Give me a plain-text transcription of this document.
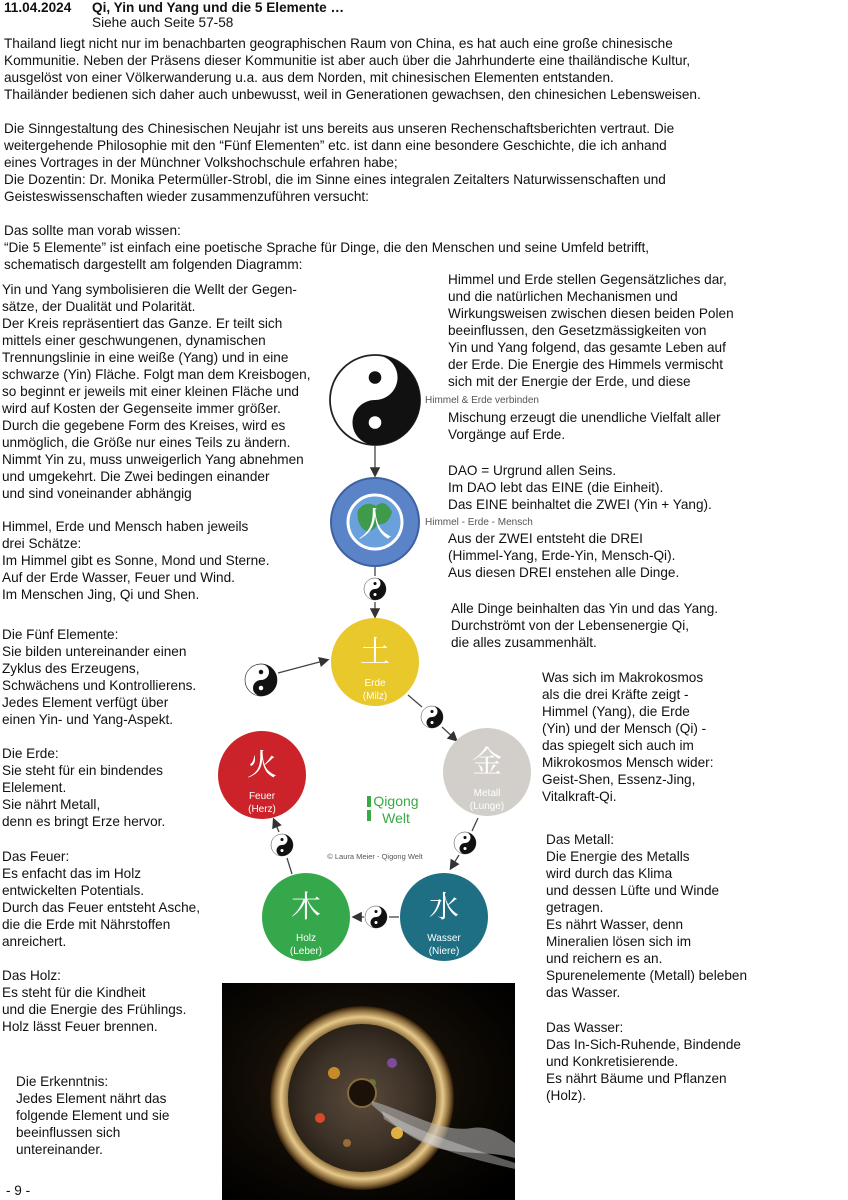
11.04.2024 Qi, Yin und Yang und die 5 Elemente …
Siehe auch Seite 57-58

Thailand liegt nicht nur im benachbarten geographischen Raum von China, es hat auch eine große chinesische
Kommunitie. Neben der Präsens dieser Kommunitie ist aber auch über die Jahrhunderte eine thailändische Kultur,
ausgelöst von einer Völkerwanderung u.a. aus dem Norden, mit chinesischen Elementen entstanden.
Thailänder bedienen sich daher auch unbewusst, weil in Generationen gewachsen, den chinesichen Lebensweisen.

Die Sinngestaltung des Chinesischen Neujahr ist uns bereits aus unseren Rechenschaftsberichten vertraut. Die
weitergehende Philosophie mit den “Fünf Elementen” etc. ist dann eine besondere Geschichte, die ich anhand
eines Vortrages in der Münchner Volkshochschule erfahren habe;
Die Dozentin: Dr. Monika Petermüller-Strobl, die im Sinne eines integralen Zeitalters Naturwissenschaften und
Geisteswissenschaften wieder zusammenzuführen versucht:

Das sollte man vorab wissen:
“Die 5 Elemente” ist einfach eine poetische Sprache für Dinge, die den Menschen und seine Umfeld betrifft,
schematisch dargestellt am folgenden Diagramm:

Yin und Yang symbolisieren die Wellt der Gegen-
sätze, der Dualität und Polarität.
Der Kreis repräsentiert das Ganze. Er teilt sich
mittels einer geschwungenen, dynamischen
Trennungslinie in eine weiße (Yang) und in eine
schwarze (Yin) Fläche. Folgt man dem Kreisbogen,
so beginnt er jeweils mit einer kleinen Fläche und
wird auf Kosten der Gegenseite immer größer.
Durch die gegebene Form des Kreises, wird es
unmöglich, die Größe nur eines Teils zu ändern.
Nimmt Yin zu, muss unweigerlich Yang abnehmen
und umgekehrt. Die Zwei bedingen einander
und sind voneinander abhängig

Himmel, Erde und Mensch haben jeweils
drei Schätze:
Im Himmel gibt es Sonne, Mond und Sterne.
Auf der Erde Wasser, Feuer und Wind.
Im Menschen Jing, Qi und Shen.

Die Fünf Elemente:
Sie bilden untereinander einen
Zyklus des Erzeugens,
Schwächens und Kontrollierens.
Jedes Element verfügt über
einen Yin- und Yang-Aspekt.

Die Erde:
Sie steht für ein bindendes
Elelement.
Sie nährt Metall,
denn es bringt Erze hervor.

Das Feuer:
Es enfacht das im Holz
entwickelten Potentials.
Durch das Feuer entsteht Asche,
die die Erde mit Nährstoffen
anreichert.

Das Holz:
Es steht für die Kindheit
und die Energie des Frühlings.
Holz lässt Feuer brennen.

Die Erkenntnis:
Jedes Element nährt das
folgende Element und sie
beeinflussen sich
untereinander.

Himmel und Erde stellen Gegensätzliches dar,
und die natürlichen Mechanismen und
Wirkungsweisen zwischen diesen beiden Polen
beeinflussen, den Gesetzmässigkeiten von
Yin und Yang folgend, das gesamte Leben auf
der Erde. Die Energie des Himmels vermischt
sich mit der Energie der Erde, und diese

Mischung erzeugt die unendliche Vielfalt aller
Vorgänge auf Erde.

DAO = Urgrund allen Seins.
Im DAO lebt das EINE (die Einheit).
Das EINE beinhaltet die ZWEI (Yin + Yang).

Aus der ZWEI entsteht die DREI
(Himmel-Yang, Erde-Yin, Mensch-Qi).
Aus diesen DREI enstehen alle Dinge.

Alle Dinge beinhalten das Yin und das Yang.
Durchströmt von der Lebensenergie Qi,
die alles zusammenhält.

Was sich im Makrokosmos
als die drei Kräfte zeigt -
Himmel (Yang), die Erde
(Yin) und der Mensch (Qi) -
das spiegelt sich auch im
Mikrokosmos Mensch wider:
Geist-Shen, Essenz-Jing,
Vitalkraft-Qi.

Das Metall:
Die Energie des Metalls
wird durch das Klima
und dessen Lüfte und Winde
getragen.
Es nährt Wasser, denn
Mineralien lösen sich im
und reichern es an.
Spurenelemente (Metall) beleben
das Wasser.

Das Wasser:
Das In-Sich-Ruhende, Bindende
und Konkretisierende.
Es nährt Bäume und Pflanzen
(Holz).

Himmel & Erde verbinden
人	Himmel - Erde - Mensch
土
Erde
(Milz)
金
Metall
(Lunge)
水
Wasser
(Niere)
木
Holz
(Leber)
火
Feuer
(Herz)
Qigong
Welt
© Laura Meier - Qigong Welt
- 9 -
